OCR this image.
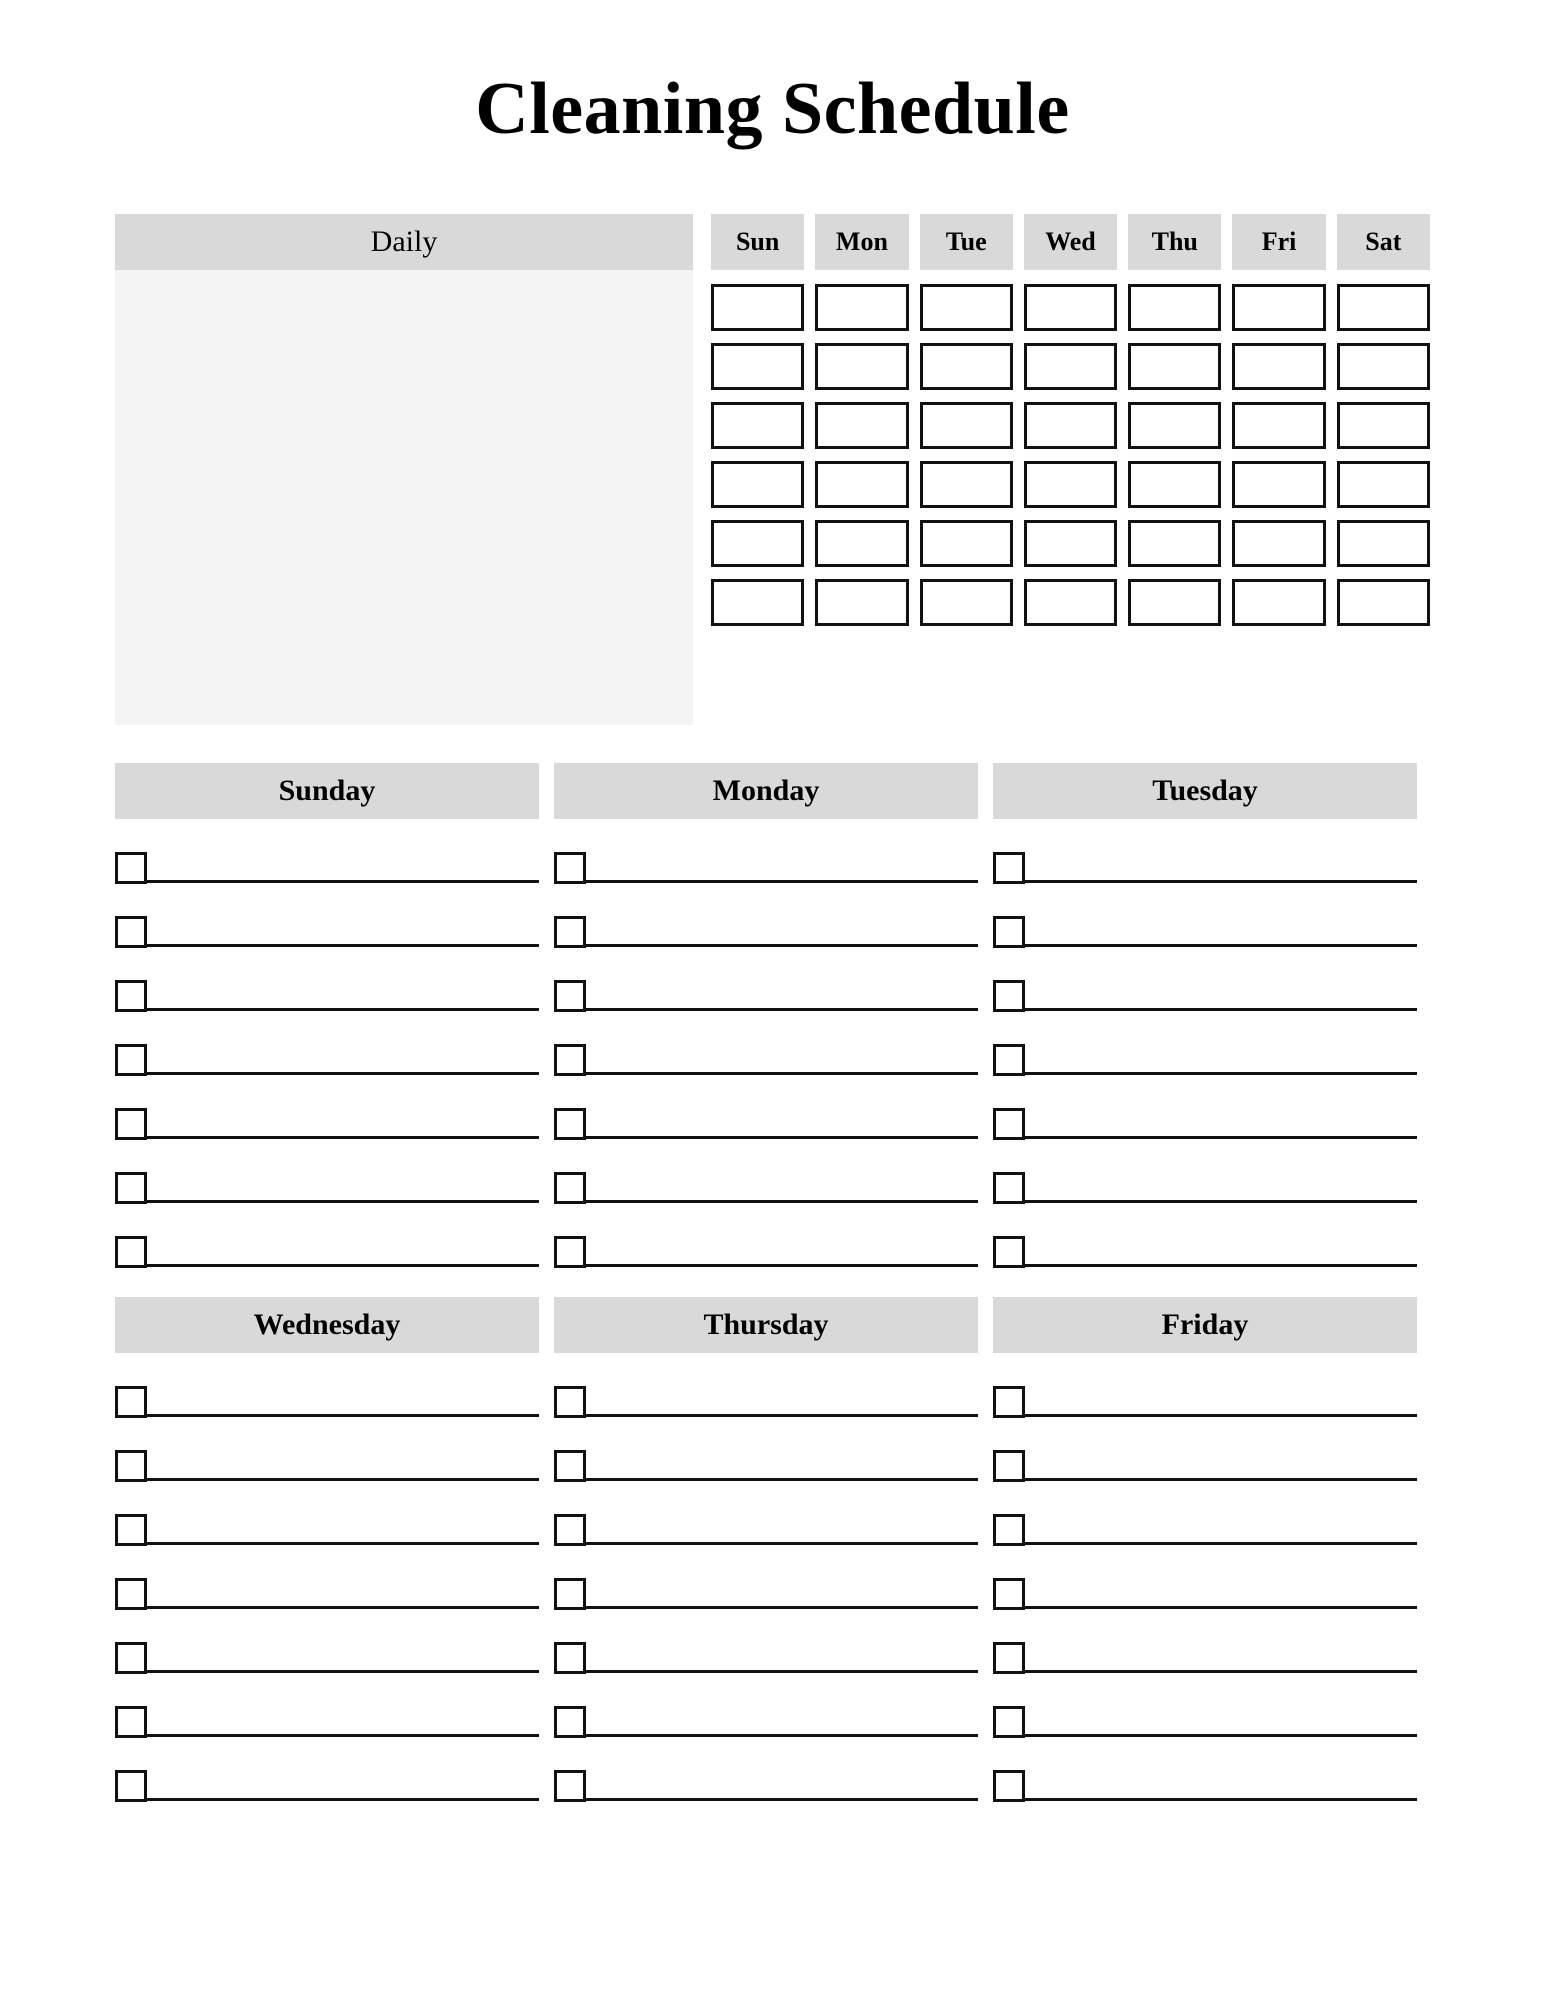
Cleaning Schedule
Daily	Sun Mon Tue Wed Thu Fri	Sat
Sunday	Monday	Tuesday
Wednesday	Thursday	Friday
